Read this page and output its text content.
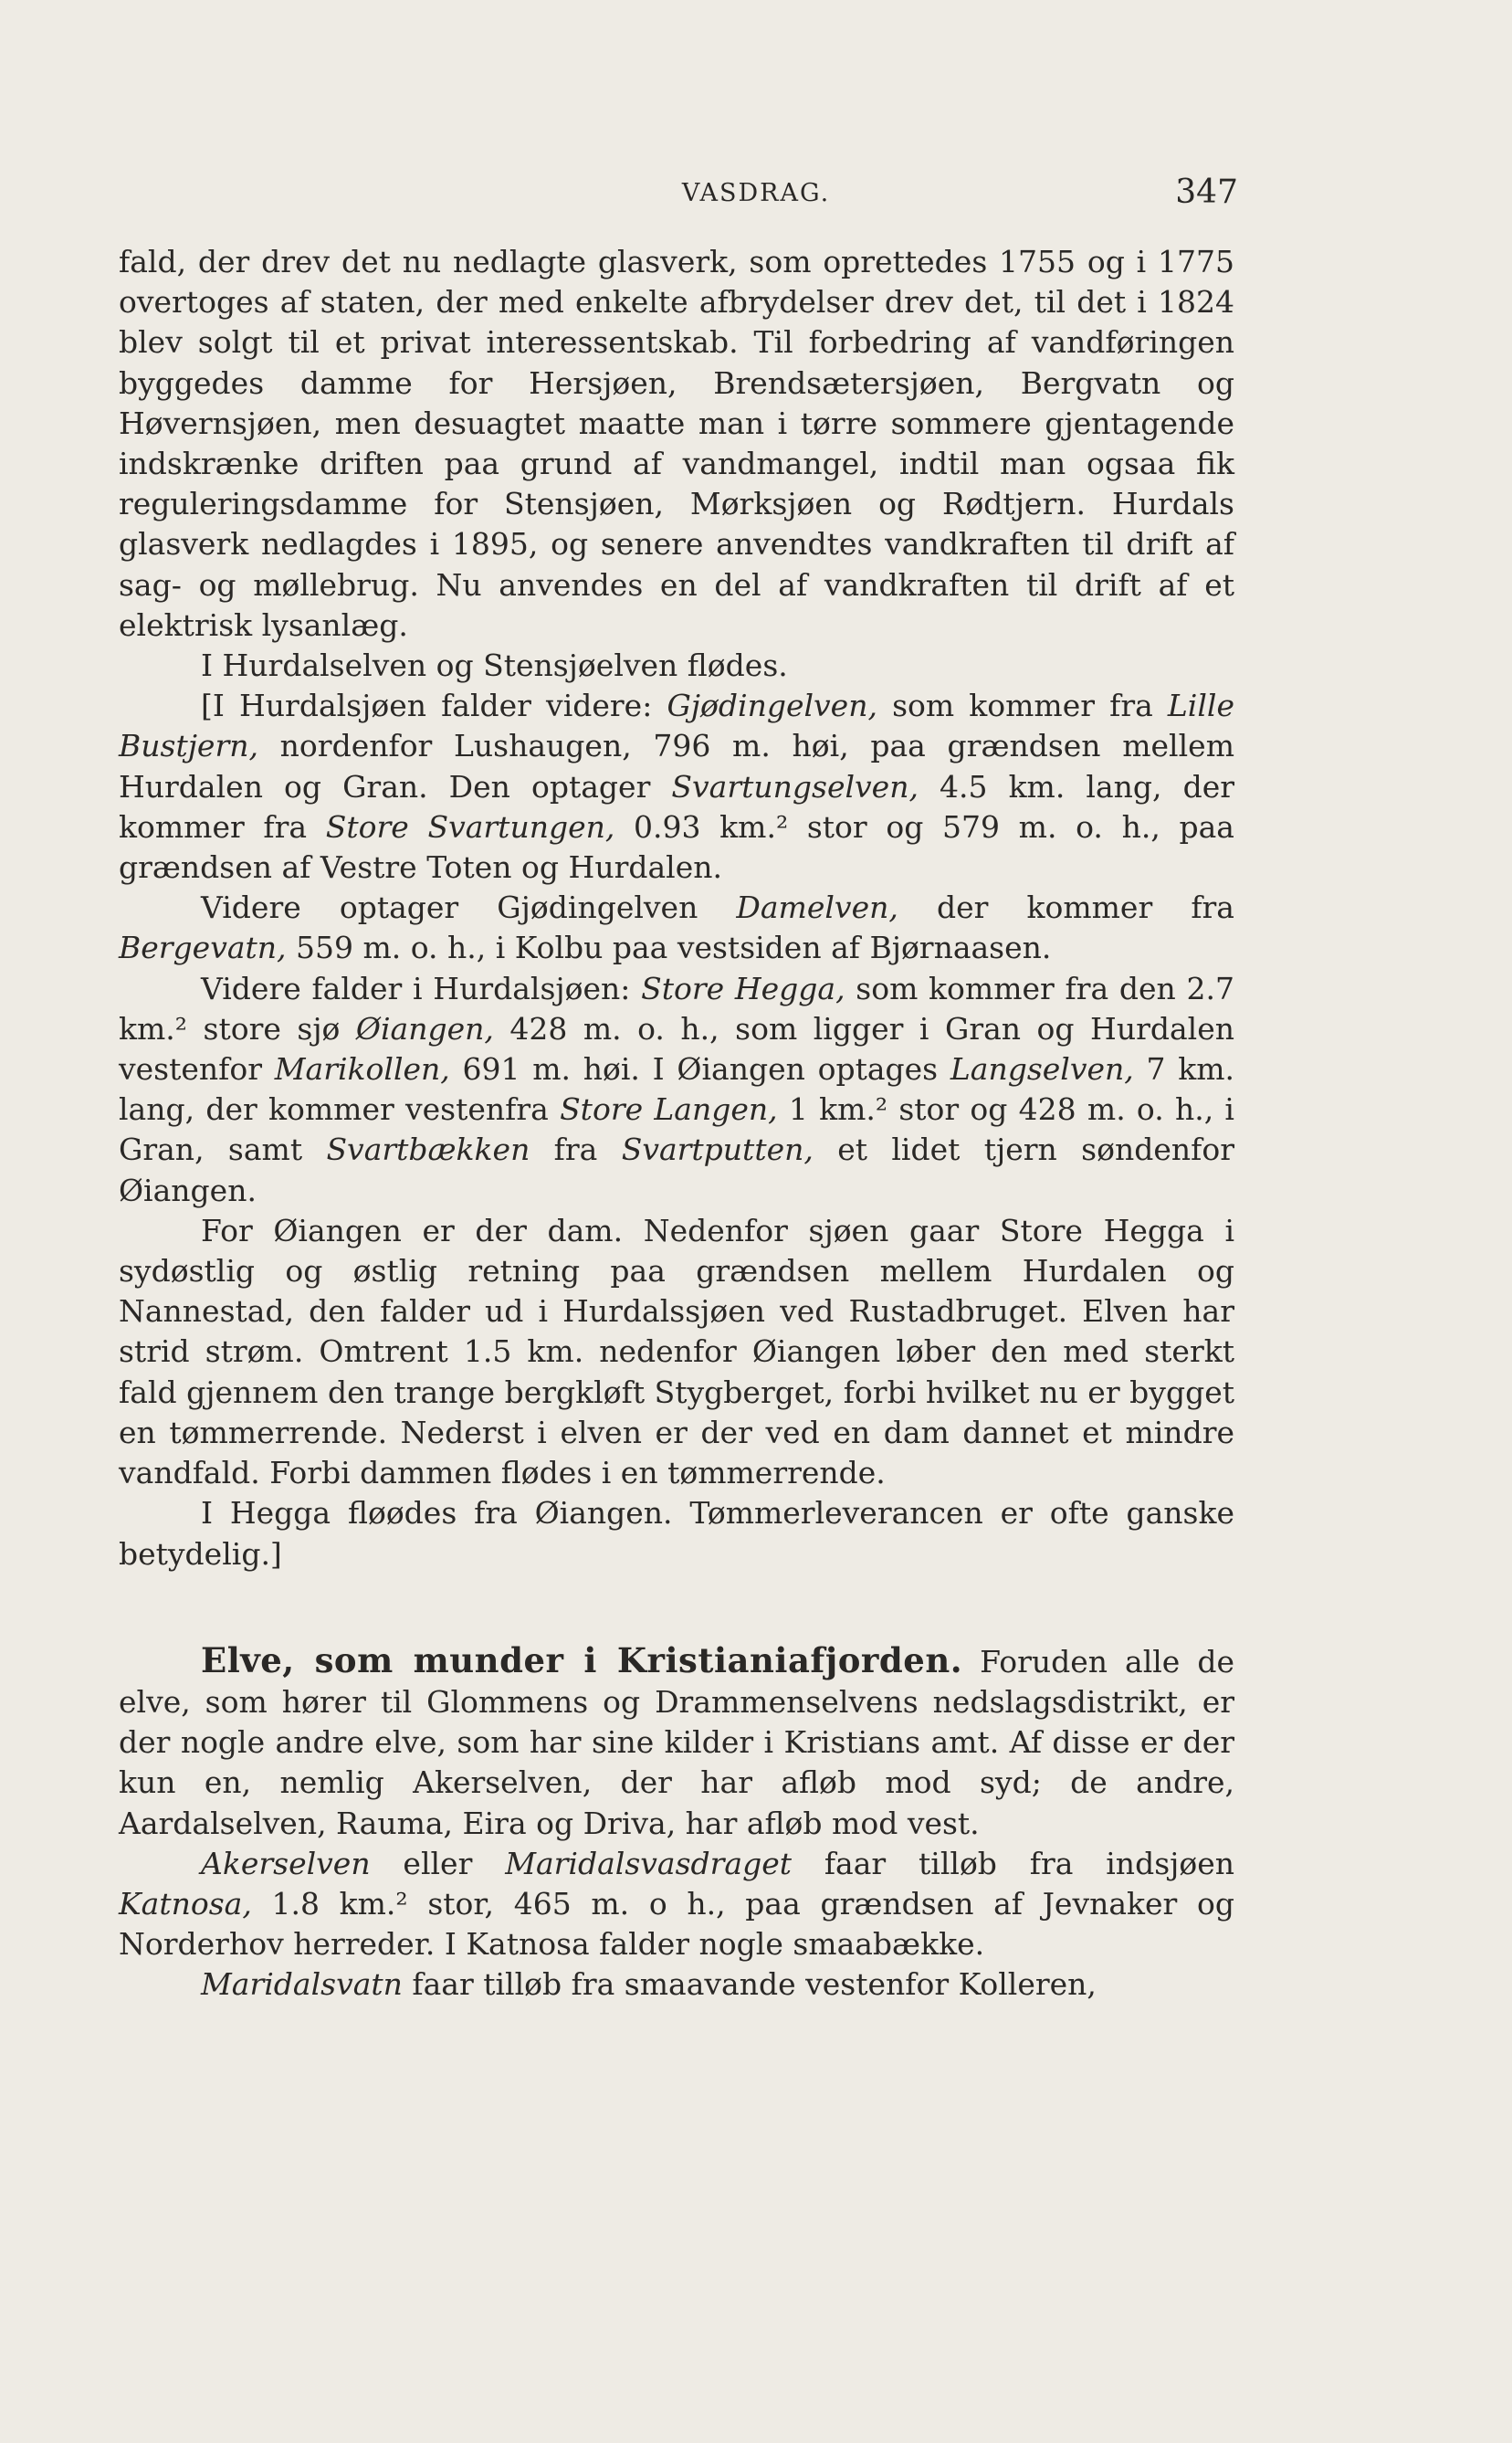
VASDRAG.	347

fald, der drev det nu nedlagte glasverk, som oprettedes 1755 og i 1775 overtoges af staten, der med enkelte afbrydelser drev det, til det i 1824 blev solgt til et privat interessentskab. Til forbedring af vandføringen byggedes damme for Hersjøen, Brendsætersjøen, Bergvatn og Høvernsjøen, men desuagtet maatte man i tørre sommere gjentagende indskrænke driften paa grund af vandmangel, indtil man ogsaa fik reguleringsdamme for Stensjøen, Mørksjøen og Rødtjern. Hurdals glasverk nedlagdes i 1895, og senere anvendtes vandkraften til drift af sag- og møllebrug. Nu anvendes en del af vandkraften til drift af et elektrisk lysanlæg.

I Hurdalselven og Stensjøelven flødes.

[I Hurdalsjøen falder videre: Gjødingelven, som kommer fra Lille Bustjern, nordenfor Lushaugen, 796 m. høi, paa grændsen mellem Hurdalen og Gran. Den optager Svartungselven, 4.5 km. lang, der kommer fra Store Svartungen, 0.93 km.² stor og 579 m. o. h., paa grændsen af Vestre Toten og Hurdalen.

Videre optager Gjødingelven Damelven, der kommer fra Bergevatn, 559 m. o. h., i Kolbu paa vestsiden af Bjørnaasen.

Videre falder i Hurdalsjøen: Store Hegga, som kommer fra den 2.7 km.² store sjø Øiangen, 428 m. o. h., som ligger i Gran og Hurdalen vestenfor Marikollen, 691 m. høi. I Øiangen optages Langselven, 7 km. lang, der kommer vestenfra Store Langen, 1 km.² stor og 428 m. o. h., i Gran, samt Svartbækken fra Svartputten, et lidet tjern søndenfor Øiangen.

For Øiangen er der dam. Nedenfor sjøen gaar Store Hegga i sydøstlig og østlig retning paa grændsen mellem Hurdalen og Nannestad, den falder ud i Hurdalssjøen ved Rustadbruget. Elven har strid strøm. Omtrent 1.5 km. nedenfor Øiangen løber den med sterkt fald gjennem den trange bergkløft Stygberget, forbi hvilket nu er bygget en tømmerrende. Nederst i elven er der ved en dam dannet et mindre vandfald. Forbi dammen flødes i en tømmerrende.

I Hegga fløødes fra Øiangen. Tømmerleverancen er ofte ganske betydelig.]

Elve, som munder i Kristianiafjorden. Foruden alle de elve, som hører til Glommens og Drammenselvens nedslagsdistrikt, er der nogle andre elve, som har sine kilder i Kristians amt. Af disse er der kun en, nemlig Akerselven, der har afløb mod syd; de andre, Aardalselven, Rauma, Eira og Driva, har afløb mod vest.

Akerselven eller Maridalsvasdraget faar tilløb fra indsjøen Katnosa, 1.8 km.² stor, 465 m. o h., paa grændsen af Jevnaker og Norderhov herreder. I Katnosa falder nogle smaabække.

Maridalsvatn faar tilløb fra smaavande vestenfor Kolleren,
